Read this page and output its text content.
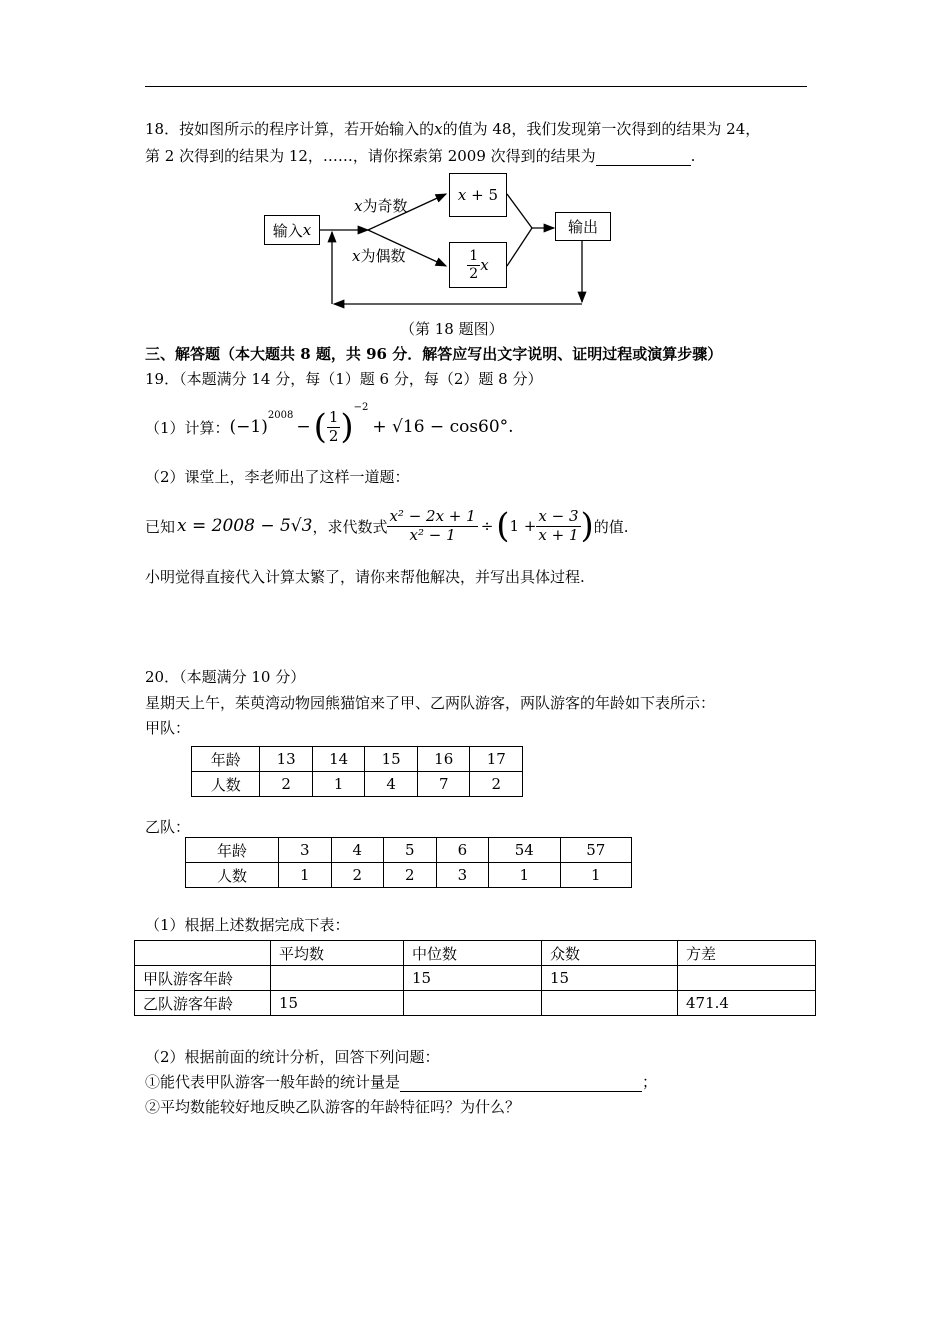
18．按如图所示的程序计算，若开始输入的x的值为 48，我们发现第一次得到的结果为 24，
第 2 次得到的结果为 12，……，请你探索第 2009 次得到的结果为	.
输入 x
x为奇数
x为偶数
x
+ 5
$\frac{1}{2}$ x
输出
（第 18 题图）
三、解答题（本大题共 8 题，共 96 分．解答应写出文字说明、证明过程或演算步骤）
19．（本题满分 14 分，每（1）题 6 分，每（2）题 8 分）
（1）计算： (−1)
$^{2008}$
− ( $\frac{1}{2} )^{-2}$
+ √16 − cos60°.
（2）课堂上，李老师出了这样一道题：
已知 x = 2008 − 5√3 ，求代数式 $\frac{\text{x² − 2x + 1}}{\text{x² − 1}}$ ÷ ( $1 + \frac{x - 3}{x + 1}$ ) 的值.
小明觉得直接代入计算太繁了，请你来帮他解决，并写出具体过程.
20．（本题满分 10 分）
星期天上午，茱萸湾动物园熊猫馆来了甲、乙两队游客，两队游客的年龄如下表所示：
甲队：
年龄	13	14	15	16	17
人数	2	1	4	7	2
乙队：
年龄	3	4	5	6	54	57
人数	1	2	2	3	1	1
（1）根据上述数据完成下表：
	平均数	中位数	众数	方差
甲队游客年龄		15	15	
乙队游客年龄	15			471.4
（2）根据前面的统计分析，回答下列问题：
①能代表甲队游客一般年龄的统计量是	；
②平均数能较好地反映乙队游客的年龄特征吗？为什么？
